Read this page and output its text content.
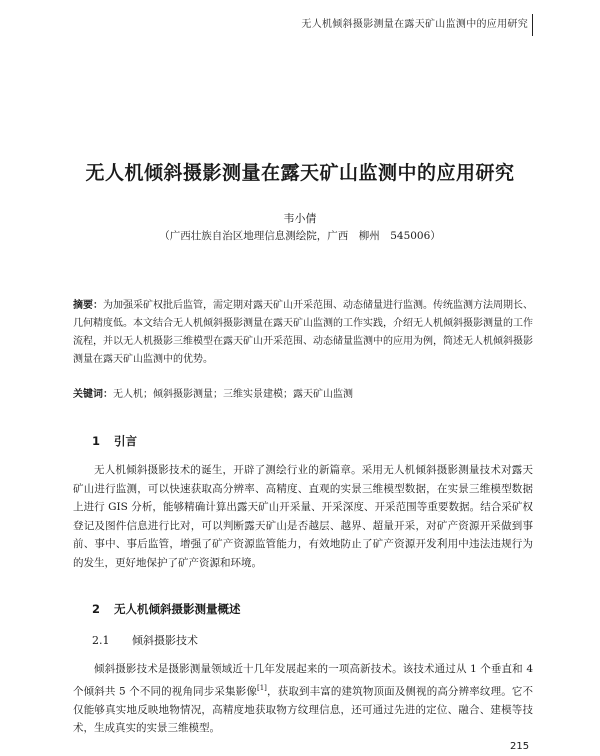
无人机倾斜摄影测量在露天矿山监测中的应用研究
无人机倾斜摄影测量在露天矿山监测中的应用研究
韦小倩
（广西壮族自治区地理信息测绘院，广西　柳州　545006）

摘要：为加强采矿权批后监管，需定期对露天矿山开采范围、动态储量进行监测。传统监测方法周期长、几何精度低。本文结合无人机倾斜摄影测量在露天矿山监测的工作实践，介绍无人机倾斜摄影测量的工作流程，并以无人机摄影三维模型在露天矿山开采范围、动态储量监测中的应用为例，简述无人机倾斜摄影测量在露天矿山监测中的优势。

关键词：无人机；倾斜摄影测量；三维实景建模；露天矿山监测

1 引言

无人机倾斜摄影技术的诞生，开辟了测绘行业的新篇章。采用无人机倾斜摄影测量技术对露天矿山进行监测，可以快速获取高分辨率、高精度、直观的实景三维模型数据，在实景三维模型数据上进行 GIS 分析，能够精确计算出露天矿山开采量、开采深度、开采范围等重要数据。结合采矿权登记及图件信息进行比对，可以判断露天矿山是否越层、越界、超量开采，对矿产资源开采做到事前、事中、事后监管，增强了矿产资源监管能力，有效地防止了矿产资源开发利用中违法违规行为的发生，更好地保护了矿产资源和环境。

2 无人机倾斜摄影测量概述
2.1 倾斜摄影技术

倾斜摄影技术是摄影测量领域近十几年发展起来的一项高新技术。该技术通过从 1 个垂直和 4 个倾斜共 5 个不同的视角同步采集影像[1]，获取到丰富的建筑物顶面及侧视的高分辨率纹理。它不仅能够真实地反映地物情况，高精度地获取物方纹理信息，还可通过先进的定位、融合、建模等技术，生成真实的实景三维模型。

215
